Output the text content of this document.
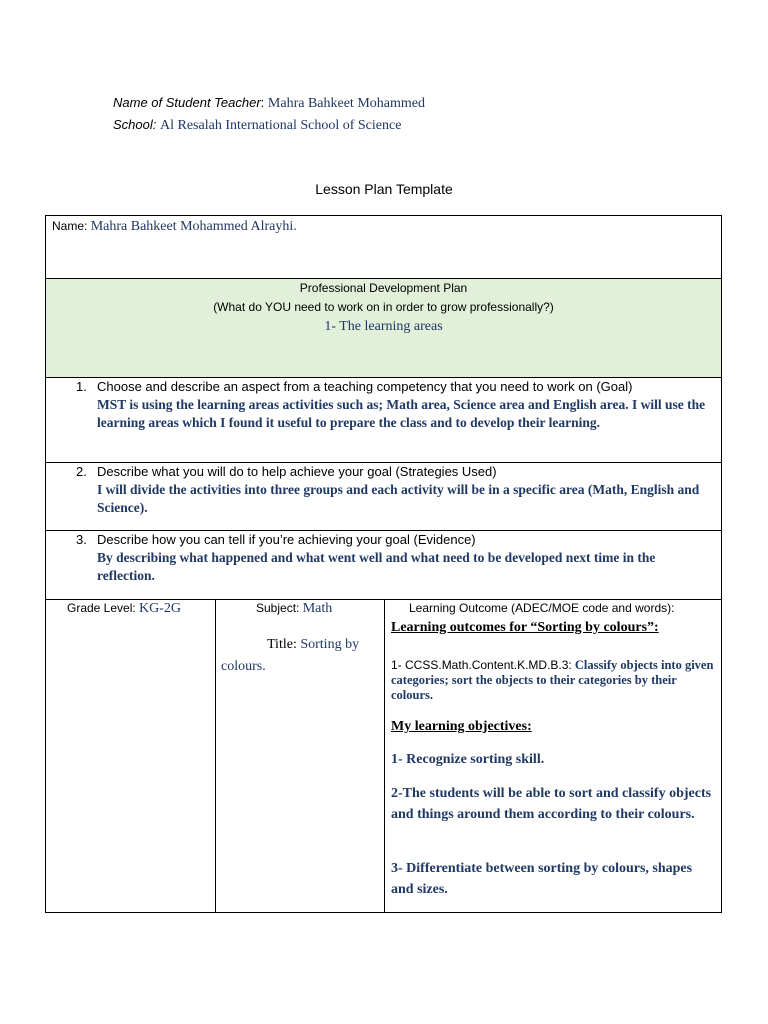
Name of Student Teacher: Mahra Bahkeet Mohammed
School: Al Resalah International School of Science
Lesson Plan Template
Name: Mahra Bahkeet Mohammed Alrayhi.
Professional Development Plan
(What do YOU need to work on in order to grow professionally?)
1- The learning areas
1. Choose and describe an aspect from a teaching competency that you need to work on (Goal)
MST is using the learning areas activities such as; Math area, Science area and English area. I will use the learning areas which I found it useful to prepare the class and to develop their learning.
2. Describe what you will do to help achieve your goal (Strategies Used)
I will divide the activities into three groups and each activity will be in a specific area (Math, English and Science).
3. Describe how you can tell if you’re achieving your goal (Evidence)
By describing what happened and what went well and what need to be developed next time in the reflection.
Grade Level: KG-2G	Subject: Math
Title: Sorting by colours.
Learning Outcome (ADEC/MOE code and words):
Learning outcomes for “Sorting by colours”:
1- CCSS.Math.Content.K.MD.B.3: Classify objects into given categories; sort the objects to their categories by their colours.
My learning objectives:
1- Recognize sorting skill.
2-The students will be able to sort and classify objects and things around them according to their colours.
3- Differentiate between sorting by colours, shapes and sizes.
